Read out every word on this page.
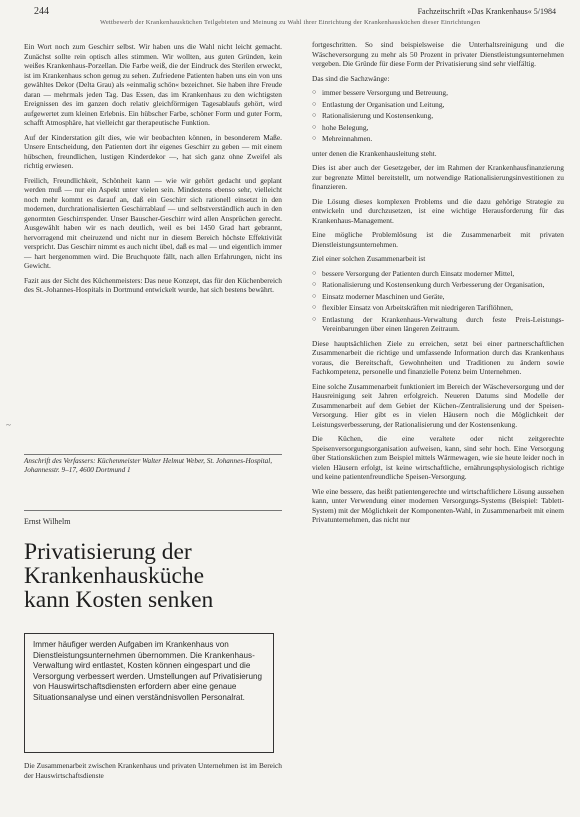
244	Fachzeitschrift »Das Krankenhaus« 5/1984
Wettbewerb der Krankenhausküchen Teilgebieten und Meinung zu Wahl ihrer Einrichtung der Krankenhausküchen dieser Einrichtungen

Ein Wort noch zum Geschirr selbst. Wir haben uns die Wahl nicht leicht gemacht. Zunächst sollte rein optisch alles stimmen. Wir wollten, aus guten Gründen, kein weißes Krankenhaus-Porzellan. Die Farbe weiß, die der Eindruck des Sterilen erweckt, ist im Krankenhaus schon genug zu sehen. Zufriedene Patienten haben uns ein von uns gewähltes Dekor (Delta Grau) als »einmalig schön« bezeichnet. Sie haben ihre Freude daran — mehrmals jeden Tag. Das Essen, das im Krankenhaus zu den wichtigsten Ereignissen des im ganzen doch relativ gleichförmigen Tagesablaufs gehört, wird aufgewertet zum kleinen Erlebnis. Ein hübscher Farbe, schöner Form und guter Form, schafft Atmosphäre, hat vielleicht gar therapeutische Funktion.

Auf der Kinderstation gilt dies, wie wir beobachten können, in besonderem Maße. Unsere Entscheidung, den Patienten dort ihr eigenes Geschirr zu geben — mit einem hübschen, freundlichen, lustigen Kinderdekor —, hat sich ganz ohne Zweifel als richtig erwiesen.

Freilich, Freundlichkeit, Schönheit kann — wie wir gehört gedacht und geplant werden muß — nur ein Aspekt unter vielen sein. Mindestens ebenso sehr, vielleicht noch mehr kommt es darauf an, daß ein Geschirr sich rationell einsetzt in den modernen, durchrationalisierten Geschirrablauf — und selbstverständlich auch in den genormten Geschirrspender. Unser Bauscher-Geschirr wird allen Ansprüchen gerecht. Ausgewählt haben wir es nach deutlich, weil es bei 1450 Grad hart gebrannt, hervorragend mit cheiruzend und nicht nur in diesem Bereich höchste Effektivität verspricht. Das Geschirr nimmt es auch nicht übel, daß es mal — und eigentlich immer — hart hergenommen wird. Die Bruchquote fällt, nach allen Erfahrungen, nicht ins Gewicht.

Fazit aus der Sicht des Küchenmeisters: Das neue Konzept, das für den Küchenbereich des St.-Johannes-Hospitals in Dortmund entwickelt wurde, hat sich bestens bewährt.

Anschrift des Verfassers: Küchenmeister Walter Helmut Weber, St. Johannes-Hospital, Johannesstr. 9–17, 4600 Dortmund 1
~
Ernst Wilhelm
Privatisierung der
Krankenhausküche
kann Kosten senken
Immer häufiger werden Aufgaben im Krankenhaus von Dienstleistungsunternehmen übernommen. Die Krankenhaus-Verwaltung wird entlastet, Kosten können eingespart und die Versorgung verbessert werden. Umstellungen auf Privatisierung von Hauswirtschaftsdiensten erfordern aber eine genaue Situationsanalyse und einen verständnisvollen Personalrat.
Die Zusammenarbeit zwischen Krankenhaus und privaten Unternehmen ist im Bereich der Hauswirtschaftsdienste

fortgeschritten. So sind beispielsweise die Unterhaltsreinigung und die Wäscheversorgung zu mehr als 50 Prozent in privater Dienstleistungsunternehmen vergeben. Die Gründe für diese Form der Privatisierung sind sehr vielfältig.

Das sind die Sachzwänge:

○ immer bessere Versorgung und Betreuung,
○ Entlastung der Organisation und Leitung,
○ Rationalisierung und Kostensenkung,
○ hohe Belegung,
○ Mehreinnahmen.

unter denen die Krankenhausleitung steht.

Dies ist aber auch der Gesetzgeber, der im Rahmen der Krankenhausfinanzierung zur begrenzte Mittel bereitstellt, um notwendige Rationalisierungsinvestitionen zu finanzieren.

Die Lösung dieses komplexen Problems und die dazu gehörige Strategie zu entwickeln und durchzusetzen, ist eine wichtige Herausforderung für das Krankenhaus-Management.

Eine mögliche Problemlösung ist die Zusammenarbeit mit privaten Dienstleistungsunternehmen.

Ziel einer solchen Zusammenarbeit ist

○ bessere Versorgung der Patienten durch Einsatz moderner Mittel,
○ Rationalisierung und Kostensenkung durch Verbesserung der Organisation,
○ Einsatz moderner Maschinen und Geräte,
○ flexibler Einsatz von Arbeitskräften mit niedrigeren Tariflöhnen,
○ Entlastung der Krankenhaus-Verwaltung durch feste Preis-Leistungs-Vereinbarungen über einen längeren Zeitraum.

Diese hauptsächlichen Ziele zu erreichen, setzt bei einer partnerschaftlichen Zusammenarbeit die richtige und umfassende Information durch das Krankenhaus voraus, die Bereitschaft, Gewohnheiten und Traditionen zu ändern sowie Fachkompetenz, personelle und finanzielle Potenz beim Unternehmen.

Eine solche Zusammenarbeit funktioniert im Bereich der Wäscheversorgung und der Hausreinigung seit Jahren erfolgreich. Neueren Datums sind Modelle der Zusammenarbeit auf dem Gebiet der Küchen-/Zentralisierung und der Speisen-Versorgung. Hier gibt es in vielen Häusern noch die Möglichkeit der Leistungsverbesserung, der Rationalisierung und der Kostensenkung.

Die Küchen, die eine veraltete oder nicht zeitgerechte Speisenversorgungsorganisation aufweisen, kann, sind sehr hoch. Eine Versorgung über Stationsküchen zum Beispiel mittels Wärmewagen, wie sie heute leider noch in vielen Häusern erfolgt, ist keine wirtschaftliche, ernährungsphysiologisch richtige und keine patientenfreundliche Speisen-Versorgung.

Wie eine bessere, das heißt patientengerechte und wirtschaftlichere Lösung aussehen kann, unter Verwendung einer modernen Versorgungs-Systems (Beispiel: Tablett-System) mit der Möglichkeit der Komponenten-Wahl, in Zusammenarbeit mit einem Privatunternehmen, das nicht nur
